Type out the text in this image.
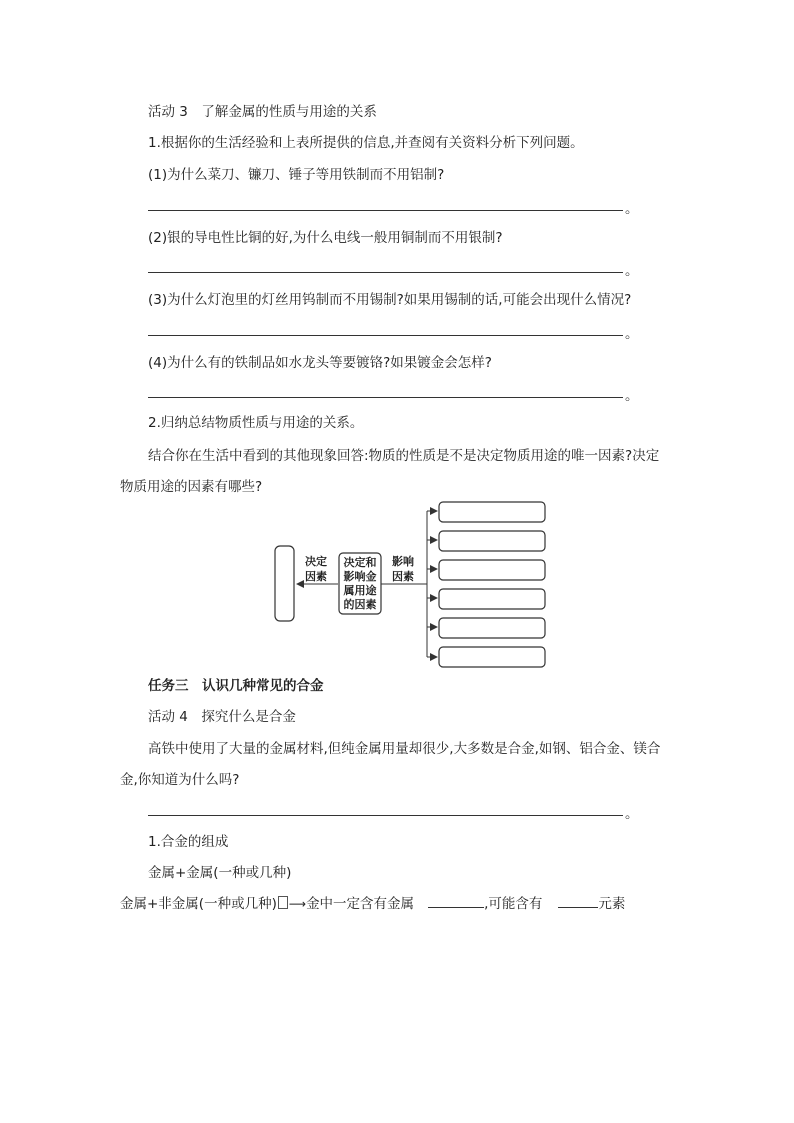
活动 3　了解金属的性质与用途的关系
1.根据你的生活经验和上表所提供的信息,并查阅有关资料分析下列问题。
(1)为什么菜刀、镰刀、锤子等用铁制而不用铝制?
。
(2)银的导电性比铜的好,为什么电线一般用铜制而不用银制?
。
(3)为什么灯泡里的灯丝用钨制而不用锡制?如果用锡制的话,可能会出现什么情况?
。
(4)为什么有的铁制品如水龙头等要镀铬?如果镀金会怎样?
。
2.归纳总结物质性质与用途的关系。
结合你在生活中看到的其他现象回答:物质的性质是不是决定物质用途的唯一因素?决定
物质用途的因素有哪些?
决定
因素
决定和
影响金
属用途
的因素
影响
因素
任务三　认识几种常见的合金
活动 4　探究什么是合金
高铁中使用了大量的金属材料,但纯金属用量却很少,大多数是合金,如钢、铝合金、镁合
金,你知道为什么吗?
。
1.合金的组成
金属+金属(一种或几种)
金属+非金属(一种或几种) ⟶金中一定含有金属	,可能含有	元素
